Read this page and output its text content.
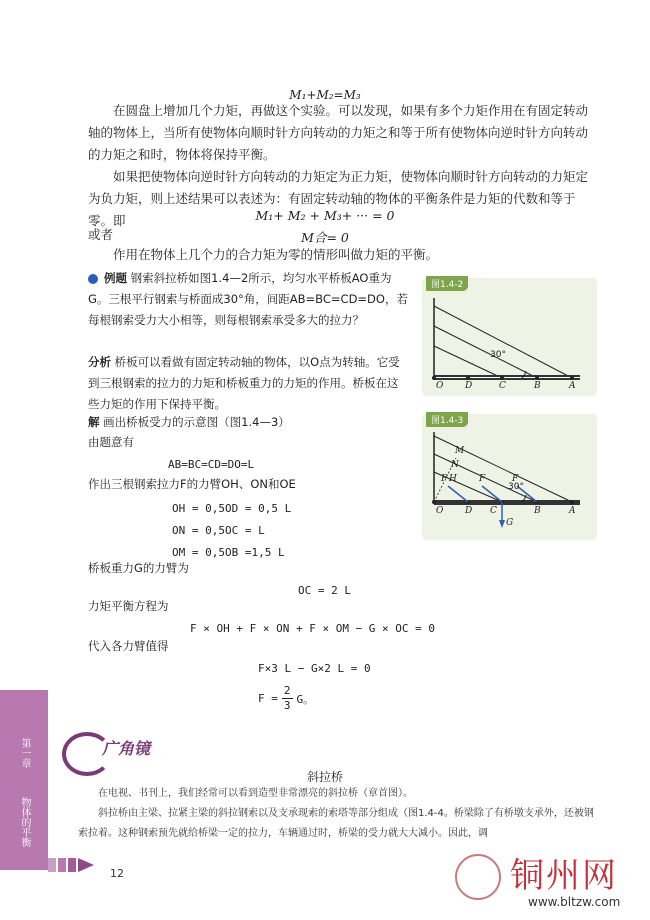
M₁+M₂=M₃
在圆盘上增加几个力矩，再做这个实验。可以发现，如果有多个力矩作用在有固定转动轴的物体上，当所有使物体向顺时针方向转动的力矩之和等于所有使物体向逆时针方向转动的力矩之和时，物体将保持平衡。
如果把使物体向逆时针方向转动的力矩定为正力矩，使物体向顺时针方向转动的力矩定为负力矩，则上述结果可以表述为：有固定转动轴的物体的平衡条件是力矩的代数和等于零。即	M₁+ M₂ + M₃+ ··· = 0
或者	M合= 0
作用在物体上几个力的合力矩为零的情形叫做力矩的平衡。
例题 钢索斜拉桥如图1.4—2所示，均匀水平桥板AO重为G。三根平行钢索与桥面成30°角，间距AB=BC=CD=DO，若每根钢索受力大小相等，则每根钢索承受多大的拉力？
分析 桥板可以看做有固定转动轴的物体，以O点为转轴。它受到三根钢索的拉力的力矩和桥板重力的力矩的作用。桥板在这些力矩的作用下保持平衡。
解 画出桥板受力的示意图（图1.4—3）
由题意有
AB=BC=CD=DO=L
作出三根钢索拉力F的力臂OH、ON和OE
OH = 0,5OD = 0,5 L
ON = 0,5OC = L
OM = 0,5OB =1,5 L
桥板重力G的力臂为
OC = 2 L
力矩平衡方程为
F × OH + F × ON + F × OM − G × OC = 0
代入各力臂值得
F×3 L − G×2 L = 0
$F = \frac{2}{3}$ G。
图1.4-2
30°
O D	C	B	A
图1.4-3
30°
M
N
F H F	F
G
O D C	B	A
广角镜
斜拉桥
在电视、书刊上，我们经常可以看到造型非常漂亮的斜拉桥（章首图）。
斜拉桥由主梁、拉紧主梁的斜拉钢索以及支承现索的索塔等部分组成（图1.4-4。桥梁除了有桥墩支承外，还被钢索拉着。这种钢索预先就给桥梁一定的拉力，车辆通过时，桥梁的受力就大大减小。因此，调
第一章
物体的平衡
12	铜州网
www.bltzw.com
